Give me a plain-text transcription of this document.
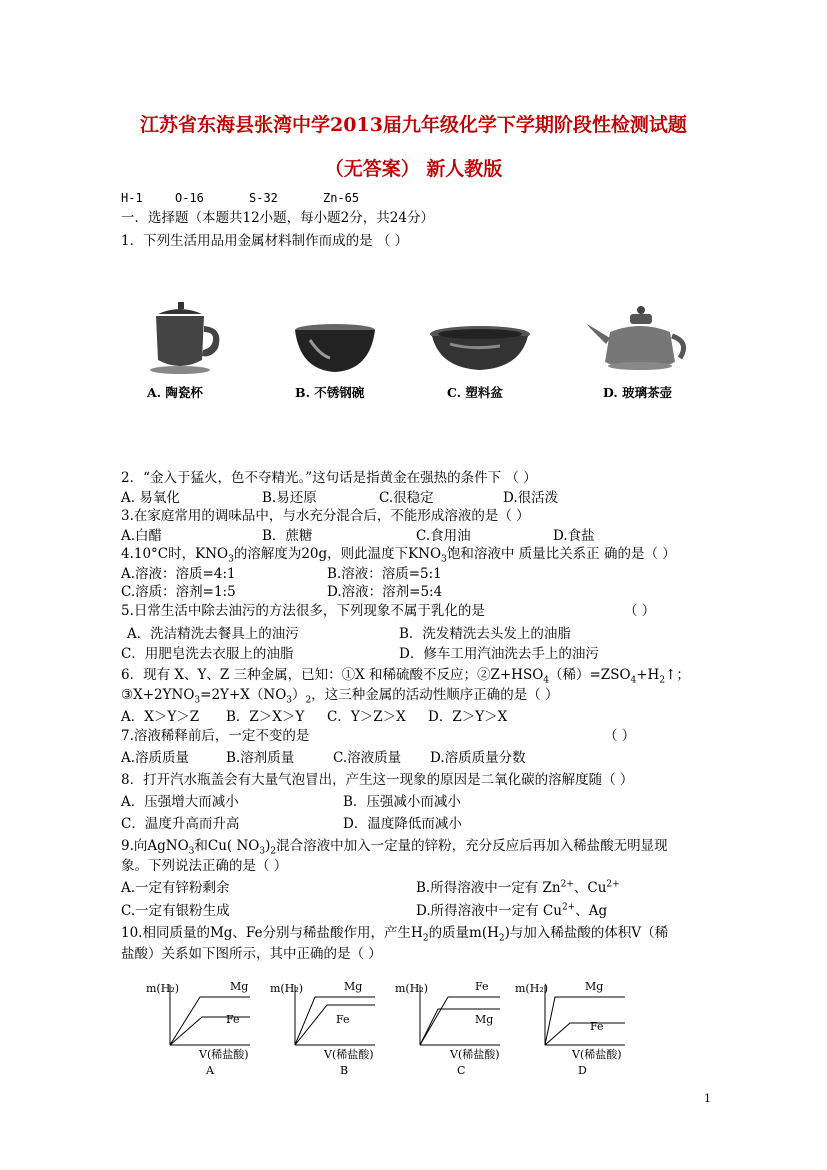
江苏省东海县张湾中学2013届九年级化学下学期阶段性检测试题
（无答案） 新人教版
H-1	O-16	S-32	Zn-65
一．选择题（本题共12小题，每小题2分，共24分）
1．下列生活用品用金属材料制作而成的是 （ ）
A. 陶瓷杯	B. 不锈钢碗	C. 塑料盆	D. 玻璃茶壶
2．“金入于猛火，色不夺精光。”这句话是指黄金在强热的条件下 （ ）
A. 易氧化	B.易还原	C.很稳定	D.很活泼
3.在家庭常用的调味品中，与水充分混合后，不能形成溶液的是（ ）
A.白醋	B．蔗糖	C.食用油	D.食盐
4.10°C时，$KNO_3$的溶解度为20g，则此温度下$KNO_3$饱和溶液中 质量比关系正 确的是（ ）
A.溶液：溶质=4:1	B.溶液：溶质=5:1
C.溶质：溶剂=1:5	D.溶液：溶剂=5:4
5.日常生活中除去油污的方法很多，下列现象不属于乳化的是	（ ）
A．洗洁精洗去餐具上的油污	B．洗发精洗去头发上的油脂
C．用肥皂洗去衣服上的油脂	D．修车工用汽油洗去手上的油污
6．现有 X、Y、Z 三种金属，已知：①X 和稀硫酸不反应；$②Z+HSO_4$（稀）$=ZSO_4+H_2↑$；
$③X+2YNO_3=2Y+X(NO_3)_2$，这三种金属的活动性顺序正确的是（ ）
A．X＞Y＞Z B．Z＞X＞Y C．Y＞Z＞X D．Z＞Y＞X
7.溶液稀释前后，一定不变的是	（ ）
A.溶质质量	B.溶剂质量	C.溶液质量 D.溶质质量分数
8．打开汽水瓶盖会有大量气泡冒出，产生这一现象的原因是二氧化碳的溶解度随（ ）
A．压强增大而减小	B．压强减小而减小
C．温度升高而升高	D．温度降低而减小
9.向AgNO$_3$和Cu( $NO_3)_2$混合溶液中加入一定量的锌粉，充分反应后再加入稀盐酸无明显现
象。下列说法正确的是（ ）
A.一定有锌粉剩余	B.所得溶液中一定有 $Zn^{2+}$、$Cu^{2+}$
C.一定有银粉生成	D.所得溶液中一定有 $Cu^{2+}$、Ag
10.相同质量的Mg、Fe分别与稀盐酸作用，产生$H_2$的质量$m(H_2)$与加入稀盐酸的体积V（稀
盐酸）关系如下图所示，其中正确的是（ ）
m(H₂)	Mg
Fe
V(稀盐酸)
A
m(H₂)	Mg
Fe
V(稀盐酸)
B
m(H₂)	Fe
Mg
V(稀盐酸)
C
m(H₂)	Mg
Fe
V(稀盐酸)
D
1
